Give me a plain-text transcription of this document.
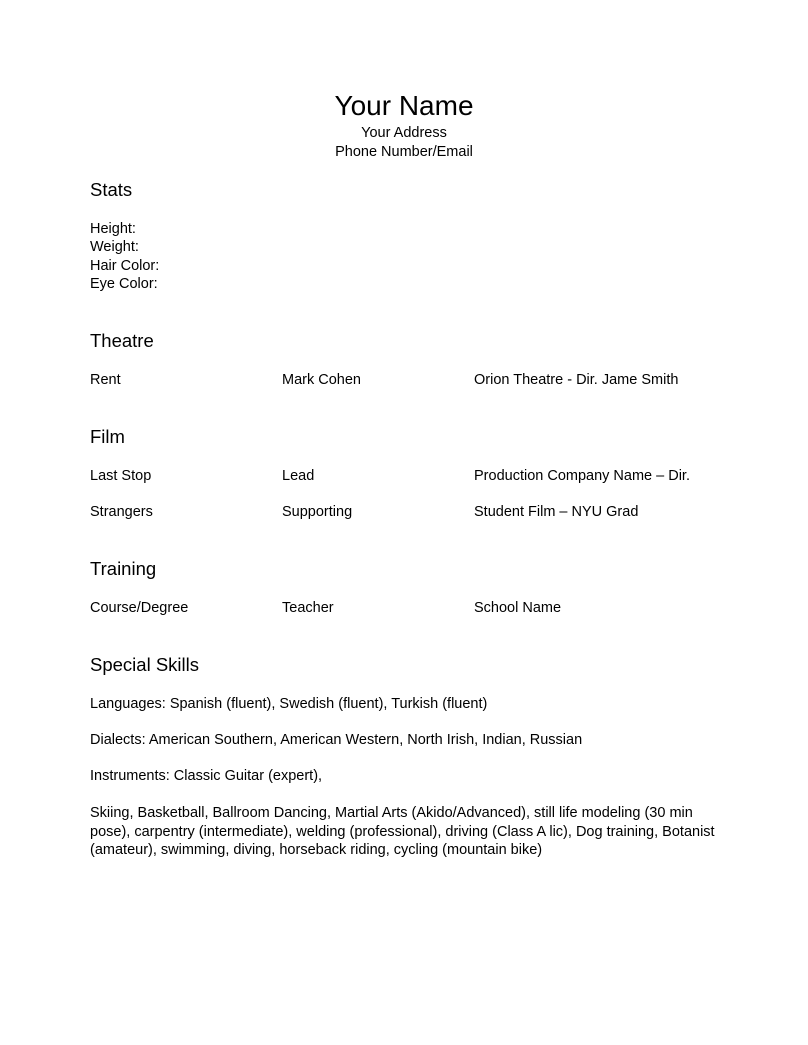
Your Name
Your Address
Phone Number/Email
Stats
Height:
Weight:
Hair Color:
Eye Color:
Theatre
Rent	Mark Cohen	Orion Theatre - Dir. Jame Smith
Film
Last Stop	Lead	Production Company Name – Dir.
Strangers	Supporting	Student Film – NYU Grad
Training
Course/Degree	Teacher	School Name
Special Skills
Languages: Spanish (fluent), Swedish (fluent), Turkish (fluent)
Dialects: American Southern, American Western, North Irish, Indian, Russian
Instruments: Classic Guitar (expert),
Skiing, Basketball, Ballroom Dancing, Martial Arts (Akido/Advanced), still life modeling (30 min pose), carpentry (intermediate), welding (professional), driving (Class A lic), Dog training, Botanist (amateur), swimming, diving, horseback riding, cycling (mountain bike)
